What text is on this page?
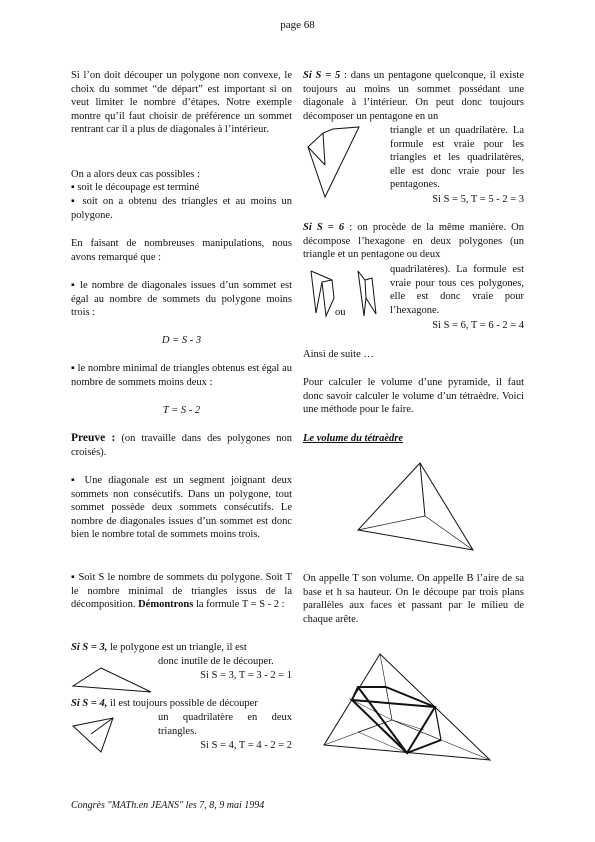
page 68

Si l’on doit découper un polygone non convexe, le choix du sommet “de départ” est important si on veut limiter le nombre d’étapes. Notre exemple montre qu’il faut choisir de préférence un sommet rentrant car il a plus de diagonales à l’intérieur.

On a alors deux cas possibles :

▪ soit le découpage est terminé

▪ soit on a obtenu des triangles et au moins un polygone.

En faisant de nombreuses manipulations, nous avons remarqué que :

▪ le nombre de diagonales issues d’un sommet est égal au nombre de sommets du polygone moins trois :

D = S - 3

▪ le nombre minimal de triangles obtenus est égal au nombre de sommets moins deux :

T = S - 2

Preuve : (on travaille dans des polygones non croisés).

▪ Une diagonale est un segment joignant deux sommets non consécutifs. Dans un polygone, tout sommet possède deux sommets consécutifs. Le nombre de diagonales issues d’un sommet est donc bien le nombre total de sommets moins trois.

▪ Soit S le nombre de sommets du polygone. Soit T le nombre minimal de triangles issus de la décomposition. Démontrons la formule T = S - 2 :

Si S = 3, le polygone est un triangle, il est

donc inutile de le découper.

Si S = 3, T = 3 - 2 = 1

Si S = 4, il est toujours possible de découper

un quadrilatère en deux triangles.

Si S = 4, T = 4 - 2 = 2

Si S = 5 : dans un pentagone quelconque, il existe toujours au moins un sommet possédant une diagonale à l’intérieur. On peut donc toujours décomposer un pentagone en un

triangle et un quadrilatère. La formule est vraie pour les triangles et les quadrilatères, elle est donc vraie pour les pentagones.

Si S = 5, T = 5 - 2 = 3

Si S = 6 : on procède de la même manière. On décompose l’hexagone en deux polygones (un triangle et un pentagone ou deux

quadrilatères). La formule est vraie pour tous ces polygones, elle est donc vraie pour l’hexagone.

Si S = 6, T = 6 - 2 = 4

ou

Ainsi de suite …

Pour calculer le volume d’une pyramide, il faut donc savoir calculer le volume d’un tétraèdre. Voici une méthode pour le faire.

Le volume du tétraèdre

On appelle T son volume. On appelle B l’aire de sa base et h sa hauteur. On le découpe par trois plans parallèles aux faces et passant par le milieu de chaque arête.

Congrès "MATh.en JEANS" les 7, 8, 9 mai 1994
